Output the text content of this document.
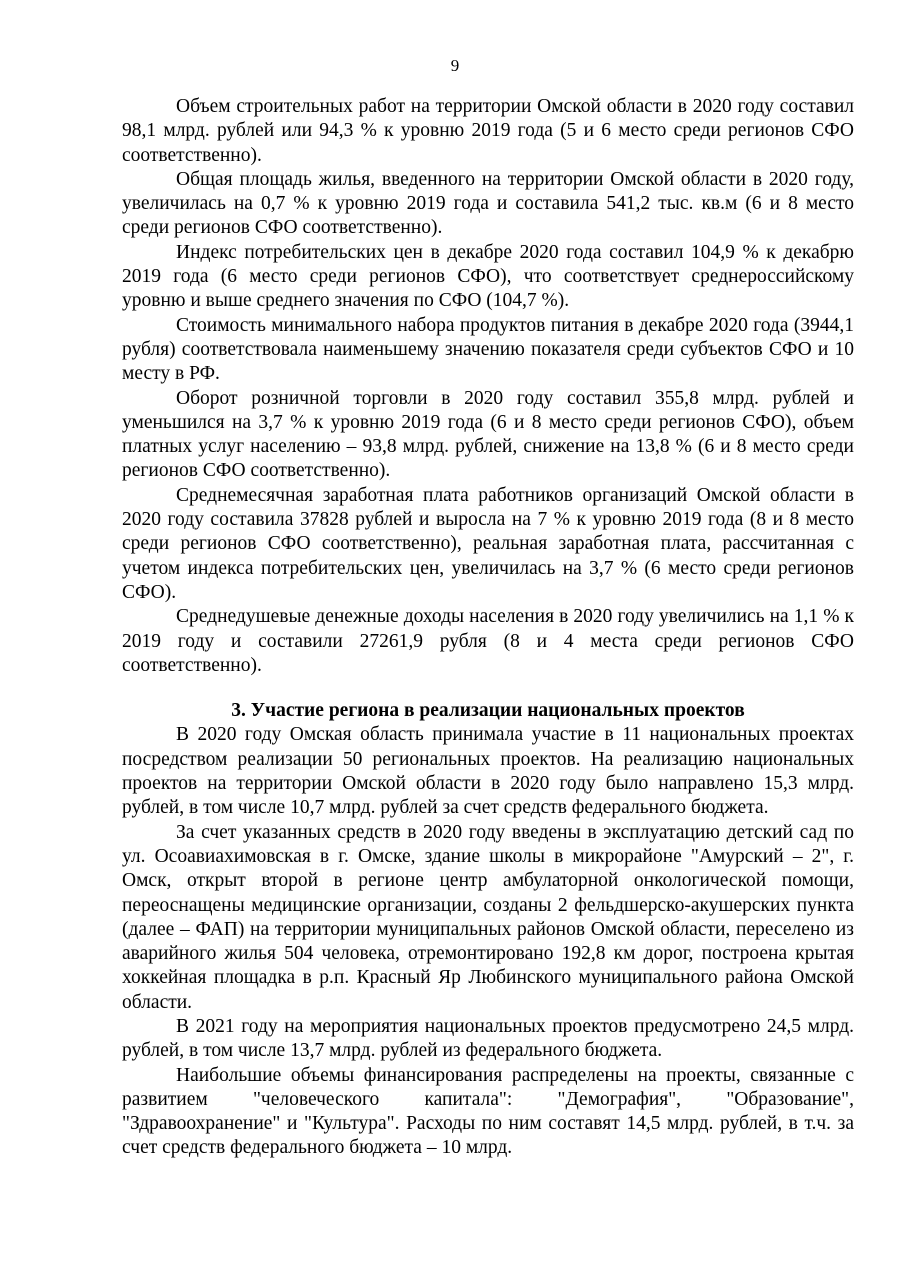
9

Объем строительных работ на территории Омской области в 2020 году составил 98,1 млрд. рублей или 94,3 % к уровню 2019 года (5 и 6 место среди регионов СФО соответственно).

Общая площадь жилья, введенного на территории Омской области в 2020 году, увеличилась на 0,7 % к уровню 2019 года и составила 541,2 тыс. кв.м (6 и 8 место среди регионов СФО соответственно).

Индекс потребительских цен в декабре 2020 года составил 104,9 % к декабрю 2019 года (6 место среди регионов СФО), что соответствует среднероссийскому уровню и выше среднего значения по СФО (104,7 %).

Стоимость минимального набора продуктов питания в декабре 2020 года (3944,1 рубля) соответствовала наименьшему значению показателя среди субъектов СФО и 10 месту в РФ.

Оборот розничной торговли в 2020 году составил 355,8 млрд. рублей и уменьшился на 3,7 % к уровню 2019 года (6 и 8 место среди регионов СФО), объем платных услуг населению – 93,8 млрд. рублей, снижение на 13,8 % (6 и 8 место среди регионов СФО соответственно).

Среднемесячная заработная плата работников организаций Омской области в 2020 году составила 37828 рублей и выросла на 7 % к уровню 2019 года (8 и 8 место среди регионов СФО соответственно), реальная заработная плата, рассчитанная с учетом индекса потребительских цен, увеличилась на 3,7 % (6 место среди регионов СФО).

Среднедушевые денежные доходы населения в 2020 году увеличились на 1,1 % к 2019 году и составили 27261,9 рубля (8 и 4 места среди регионов СФО соответственно).

3. Участие региона в реализации национальных проектов

В 2020 году Омская область принимала участие в 11 национальных проектах посредством реализации 50 региональных проектов. На реализацию национальных проектов на территории Омской области в 2020 году было направлено 15,3 млрд. рублей, в том числе 10,7 млрд. рублей за счет средств федерального бюджета.

За счет указанных средств в 2020 году введены в эксплуатацию детский сад по ул. Осоавиахимовская в г. Омске, здание школы в микрорайоне "Амурский – 2", г. Омск, открыт второй в регионе центр амбулаторной онкологической помощи, переоснащены медицинские организации, созданы 2 фельдшерско-акушерских пункта (далее – ФАП) на территории муниципальных районов Омской области, переселено из аварийного жилья 504 человека, отремонтировано 192,8 км дорог, построена крытая хоккейная площадка в р.п. Красный Яр Любинского муниципального района Омской области.

В 2021 году на мероприятия национальных проектов предусмотрено 24,5 млрд. рублей, в том числе 13,7 млрд. рублей из федерального бюджета.

Наибольшие объемы финансирования распределены на проекты, связанные с развитием "человеческого капитала": "Демография", "Образование", "Здравоохранение" и "Культура". Расходы по ним составят 14,5 млрд. рублей, в т.ч. за счет средств федерального бюджета – 10 млрд.
